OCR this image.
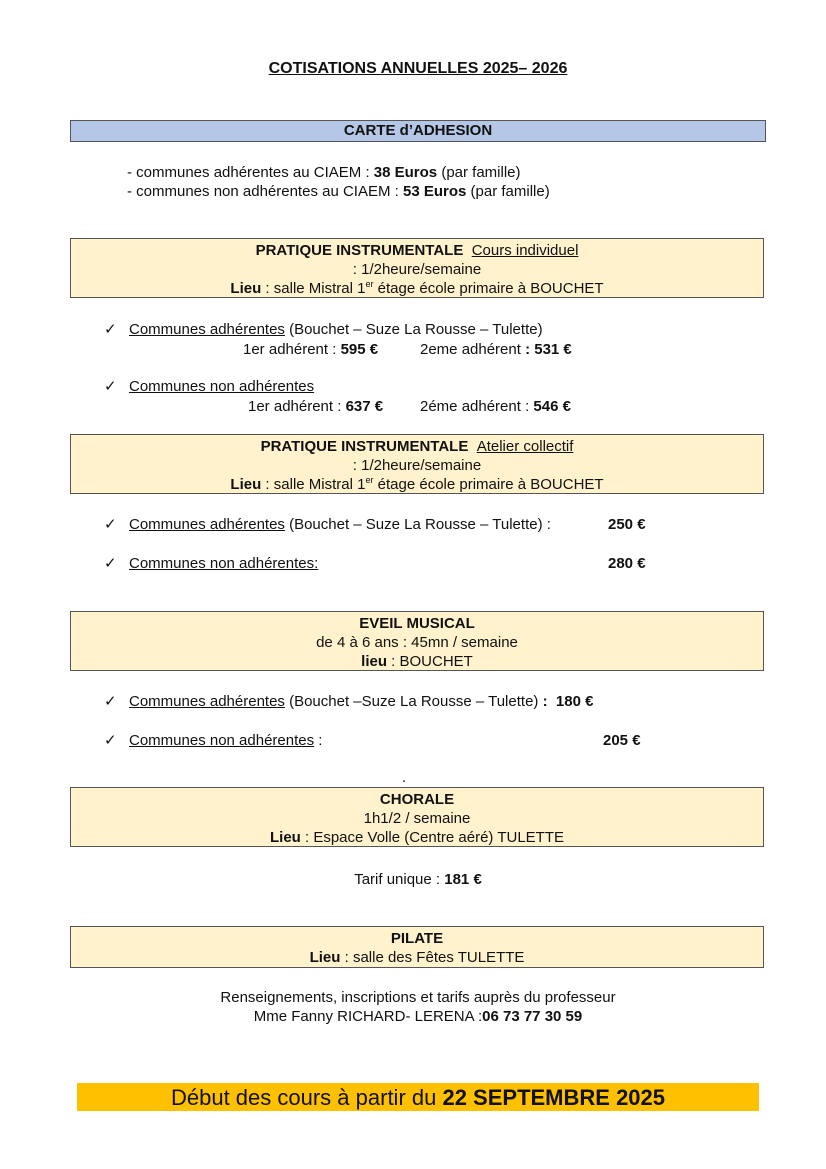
COTISATIONS ANNUELLES 2025– 2026
CARTE d’ADHESION
- communes adhérentes au CIAEM : 38 Euros (par famille)
- communes non adhérentes au CIAEM : 53 Euros (par famille)
PRATIQUE INSTRUMENTALE Cours individuel
: 1/2heure/semaine
Lieu : salle Mistral 1er étage école primaire à BOUCHET
✓ Communes adhérentes (Bouchet – Suze La Rousse – Tulette)
1er adhérent : 595 €	2eme adhérent : 531 €
✓ Communes non adhérentes
1er adhérent : 637 € 2éme adhérent : 546 €
PRATIQUE INSTRUMENTALE Atelier collectif
: 1/2heure/semaine
Lieu : salle Mistral 1er étage école primaire à BOUCHET
✓ Communes adhérentes (Bouchet – Suze La Rousse – Tulette) :	250 €
✓ Communes non adhérentes:	280 €
EVEIL MUSICAL
de 4 à 6 ans : 45mn / semaine
lieu : BOUCHET
✓ Communes adhérentes (Bouchet –Suze La Rousse – Tulette) :  180 €
✓ Communes non adhérentes :	205 €
.
CHORALE
1h1/2 / semaine
Lieu : Espace Volle (Centre aéré) TULETTE
Tarif unique : 181 €
PILATE
Lieu : salle des Fêtes TULETTE
Renseignements, inscriptions et tarifs auprès du professeur
Mme Fanny RICHARD- LERENA :06 73 77 30 59
Début des cours à partir du 22 SEPTEMBRE 2025
